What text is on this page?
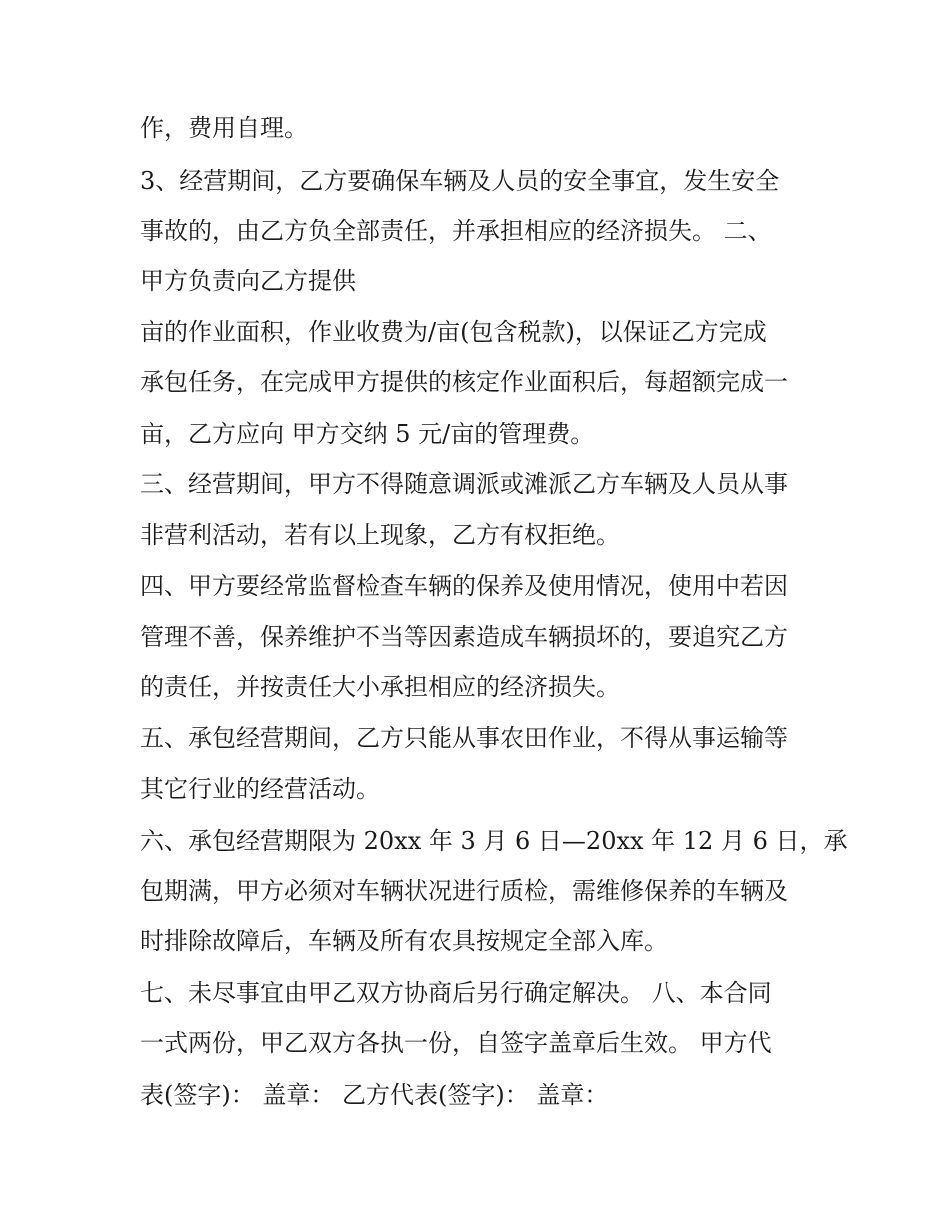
作，费用自理。
3、经营期间，乙方要确保车辆及人员的安全事宜，发生安全
事故的，由乙方负全部责任，并承担相应的经济损失。 二、
甲方负责向乙方提供
亩的作业面积，作业收费为/亩(包含税款)，以保证乙方完成
承包任务，在完成甲方提供的核定作业面积后，每超额完成一
亩，乙方应向 甲方交纳 5 元/亩的管理费。
三、经营期间，甲方不得随意调派或滩派乙方车辆及人员从事
非营利活动，若有以上现象，乙方有权拒绝。
四、甲方要经常监督检查车辆的保养及使用情况，使用中若因
管理不善，保养维护不当等因素造成车辆损坏的，要追究乙方
的责任，并按责任大小承担相应的经济损失。
五、承包经营期间，乙方只能从事农田作业，不得从事运输等
其它行业的经营活动。
六、承包经营期限为 20xx 年 3 月 6 日—20xx 年 12 月 6 日，承
包期满，甲方必须对车辆状况进行质检，需维修保养的车辆及
时排除故障后，车辆及所有农具按规定全部入库。
七、未尽事宜由甲乙双方协商后另行确定解决。 八、本合同
一式两份，甲乙双方各执一份，自签字盖章后生效。 甲方代
表(签字)： 盖章： 乙方代表(签字)： 盖章：
